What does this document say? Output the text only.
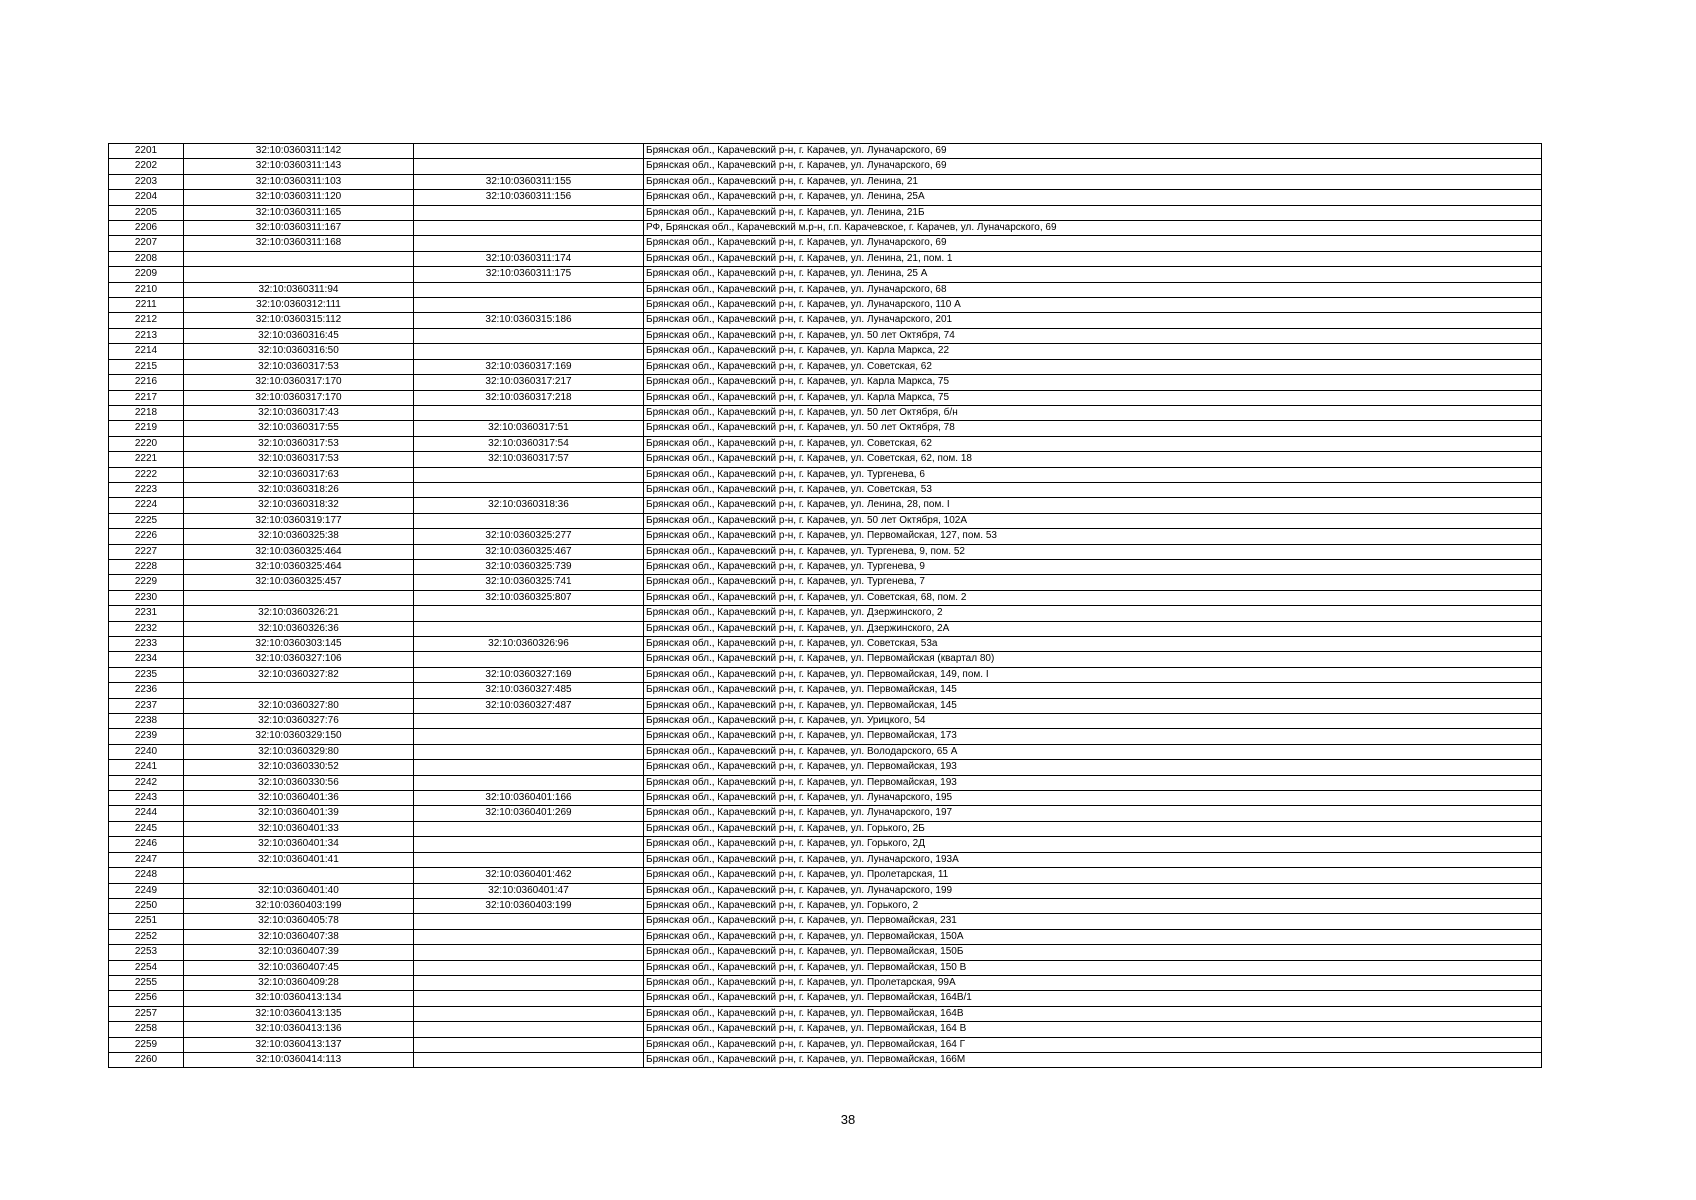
2201	32:10:0360311:142		Брянская обл., Карачевский р-н, г. Карачев, ул. Луначарского, 69
2202	32:10:0360311:143		Брянская обл., Карачевский р-н, г. Карачев, ул. Луначарского, 69
2203	32:10:0360311:103	32:10:0360311:155	Брянская обл., Карачевский р-н, г. Карачев, ул. Ленина, 21
2204	32:10:0360311:120	32:10:0360311:156	Брянская обл., Карачевский р-н, г. Карачев, ул. Ленина, 25А
2205	32:10:0360311:165		Брянская обл., Карачевский р-н, г. Карачев, ул. Ленина, 21Б
2206	32:10:0360311:167		РФ, Брянская обл., Карачевский м.р-н, г.п. Карачевское, г. Карачев, ул. Луначарского, 69
2207	32:10:0360311:168		Брянская обл., Карачевский р-н, г. Карачев, ул. Луначарского, 69
2208		32:10:0360311:174	Брянская обл., Карачевский р-н, г. Карачев, ул. Ленина, 21, пом. 1
2209		32:10:0360311:175	Брянская обл., Карачевский р-н, г. Карачев, ул. Ленина, 25 А
2210	32:10:0360311:94		Брянская обл., Карачевский р-н, г. Карачев, ул. Луначарского, 68
2211	32:10:0360312:111		Брянская обл., Карачевский р-н, г. Карачев, ул. Луначарского, 110 А
2212	32:10:0360315:112	32:10:0360315:186	Брянская обл., Карачевский р-н, г. Карачев, ул. Луначарского, 201
2213	32:10:0360316:45		Брянская обл., Карачевский р-н, г. Карачев, ул. 50 лет Октября, 74
2214	32:10:0360316:50		Брянская обл., Карачевский р-н, г. Карачев, ул. Карла Маркса, 22
2215	32:10:0360317:53	32:10:0360317:169	Брянская обл., Карачевский р-н, г. Карачев, ул. Советская, 62
2216	32:10:0360317:170	32:10:0360317:217	Брянская обл., Карачевский р-н, г. Карачев, ул. Карла Маркса, 75
2217	32:10:0360317:170	32:10:0360317:218	Брянская обл., Карачевский р-н, г. Карачев, ул. Карла Маркса, 75
2218	32:10:0360317:43		Брянская обл., Карачевский р-н, г. Карачев, ул. 50 лет Октября, б/н
2219	32:10:0360317:55	32:10:0360317:51	Брянская обл., Карачевский р-н, г. Карачев, ул. 50 лет Октября, 78
2220	32:10:0360317:53	32:10:0360317:54	Брянская обл., Карачевский р-н, г. Карачев, ул. Советская, 62
2221	32:10:0360317:53	32:10:0360317:57	Брянская обл., Карачевский р-н, г. Карачев, ул. Советская, 62, пом. 18
2222	32:10:0360317:63		Брянская обл., Карачевский р-н, г. Карачев, ул. Тургенева, 6
2223	32:10:0360318:26		Брянская обл., Карачевский р-н, г. Карачев, ул. Советская, 53
2224	32:10:0360318:32	32:10:0360318:36	Брянская обл., Карачевский р-н, г. Карачев, ул. Ленина, 28, пом. I
2225	32:10:0360319:177		Брянская обл., Карачевский р-н, г. Карачев, ул. 50 лет Октября, 102А
2226	32:10:0360325:38	32:10:0360325:277	Брянская обл., Карачевский р-н, г. Карачев, ул. Первомайская, 127, пом. 53
2227	32:10:0360325:464	32:10:0360325:467	Брянская обл., Карачевский р-н, г. Карачев, ул. Тургенева, 9, пом. 52
2228	32:10:0360325:464	32:10:0360325:739	Брянская обл., Карачевский р-н, г. Карачев, ул. Тургенева, 9
2229	32:10:0360325:457	32:10:0360325:741	Брянская обл., Карачевский р-н, г. Карачев, ул. Тургенева, 7
2230		32:10:0360325:807	Брянская обл., Карачевский р-н, г. Карачев, ул. Советская, 68, пом. 2
2231	32:10:0360326:21		Брянская обл., Карачевский р-н, г. Карачев, ул. Дзержинского, 2
2232	32:10:0360326:36		Брянская обл., Карачевский р-н, г. Карачев, ул. Дзержинского, 2А
2233	32:10:0360303:145	32:10:0360326:96	Брянская обл., Карачевский р-н, г. Карачев, ул. Советская, 53а
2234	32:10:0360327:106		Брянская обл., Карачевский р-н, г. Карачев, ул. Первомайская (квартал 80)
2235	32:10:0360327:82	32:10:0360327:169	Брянская обл., Карачевский р-н, г. Карачев, ул. Первомайская, 149, пом. I
2236		32:10:0360327:485	Брянская обл., Карачевский р-н, г. Карачев, ул. Первомайская, 145
2237	32:10:0360327:80	32:10:0360327:487	Брянская обл., Карачевский р-н, г. Карачев, ул. Первомайская, 145
2238	32:10:0360327:76		Брянская обл., Карачевский р-н, г. Карачев, ул. Урицкого, 54
2239	32:10:0360329:150		Брянская обл., Карачевский р-н, г. Карачев, ул. Первомайская, 173
2240	32:10:0360329:80		Брянская обл., Карачевский р-н, г. Карачев, ул. Володарского, 65 А
2241	32:10:0360330:52		Брянская обл., Карачевский р-н, г. Карачев, ул. Первомайская, 193
2242	32:10:0360330:56		Брянская обл., Карачевский р-н, г. Карачев, ул. Первомайская, 193
2243	32:10:0360401:36	32:10:0360401:166	Брянская обл., Карачевский р-н, г. Карачев, ул. Луначарского, 195
2244	32:10:0360401:39	32:10:0360401:269	Брянская обл., Карачевский р-н, г. Карачев, ул. Луначарского, 197
2245	32:10:0360401:33		Брянская обл., Карачевский р-н, г. Карачев, ул. Горького, 2Б
2246	32:10:0360401:34		Брянская обл., Карачевский р-н, г. Карачев, ул. Горького, 2Д
2247	32:10:0360401:41		Брянская обл., Карачевский р-н, г. Карачев, ул. Луначарского, 193А
2248		32:10:0360401:462	Брянская обл., Карачевский р-н, г. Карачев, ул. Пролетарская, 11
2249	32:10:0360401:40	32:10:0360401:47	Брянская обл., Карачевский р-н, г. Карачев, ул. Луначарского, 199
2250	32:10:0360403:199	32:10:0360403:199	Брянская обл., Карачевский р-н, г. Карачев, ул. Горького, 2
2251	32:10:0360405:78		Брянская обл., Карачевский р-н, г. Карачев, ул. Первомайская, 231
2252	32:10:0360407:38		Брянская обл., Карачевский р-н, г. Карачев, ул. Первомайская, 150А
2253	32:10:0360407:39		Брянская обл., Карачевский р-н, г. Карачев, ул. Первомайская, 150Б
2254	32:10:0360407:45		Брянская обл., Карачевский р-н, г. Карачев, ул. Первомайская, 150 В
2255	32:10:0360409:28		Брянская обл., Карачевский р-н, г. Карачев, ул. Пролетарская, 99А
2256	32:10:0360413:134		Брянская обл., Карачевский р-н, г. Карачев, ул. Первомайская, 164В/1
2257	32:10:0360413:135		Брянская обл., Карачевский р-н, г. Карачев, ул. Первомайская, 164В
2258	32:10:0360413:136		Брянская обл., Карачевский р-н, г. Карачев, ул. Первомайская, 164 В
2259	32:10:0360413:137		Брянская обл., Карачевский р-н, г. Карачев, ул. Первомайская, 164 Г
2260	32:10:0360414:113		Брянская обл., Карачевский р-н, г. Карачев, ул. Первомайская, 166М
38
